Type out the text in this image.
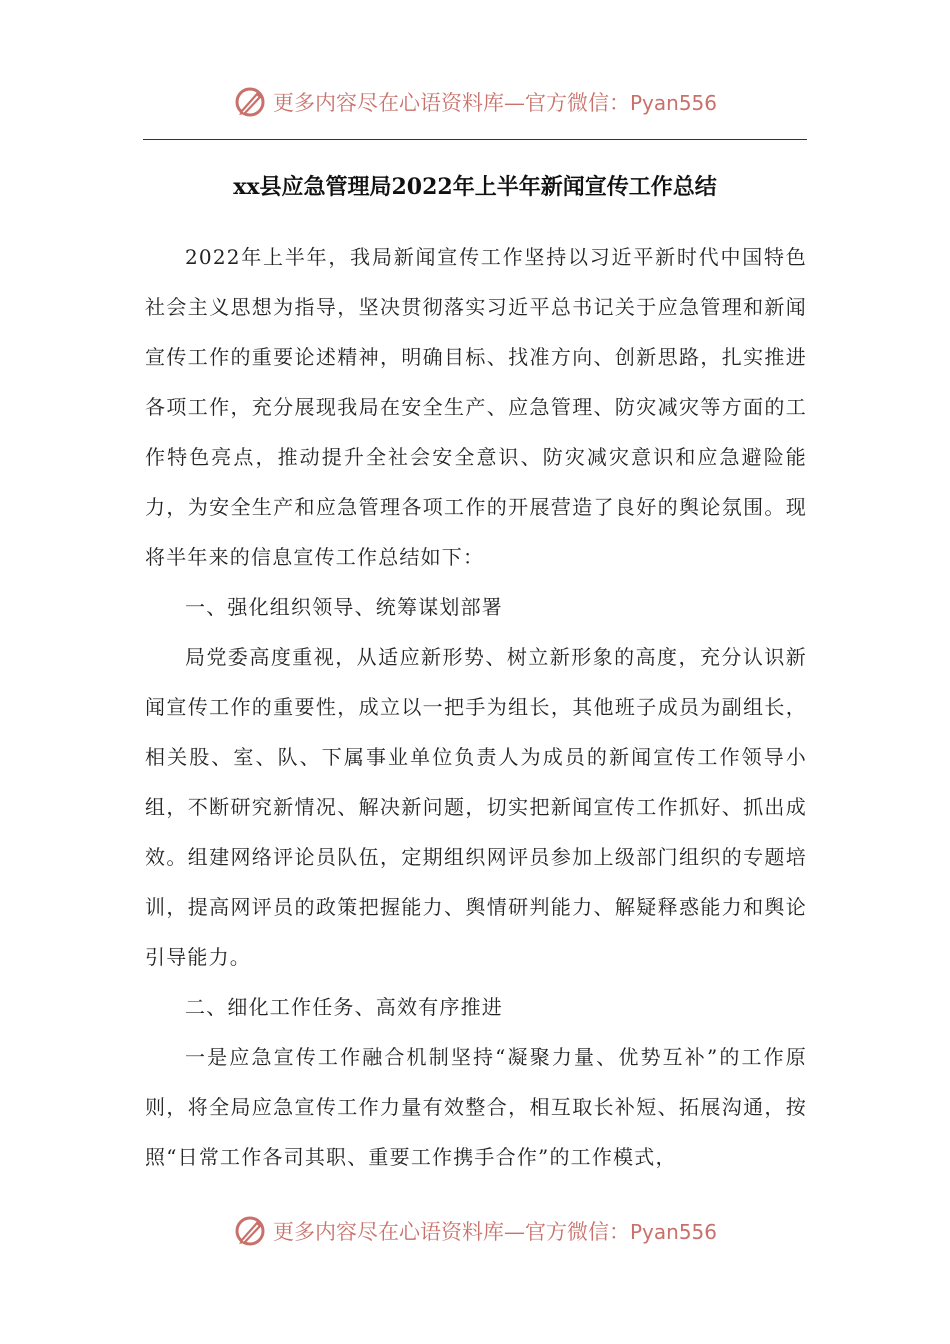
更多内容尽在心语资料库—官方微信：Pyan556
xx县应急管理局2022年上半年新闻宣传工作总结

2022年上半年，我局新闻宣传工作坚持以习近平新时代中国特色社会主义思想为指导，坚决贯彻落实习近平总书记关于应急管理和新闻宣传工作的重要论述精神，明确目标、找准方向、创新思路，扎实推进各项工作，充分展现我局在安全生产、应急管理、防灾减灾等方面的工作特色亮点，推动提升全社会安全意识、防灾减灾意识和应急避险能力，为安全生产和应急管理各项工作的开展营造了良好的舆论氛围。现将半年来的信息宣传工作总结如下：

一、强化组织领导、统筹谋划部署

局党委高度重视，从适应新形势、树立新形象的高度，充分认识新闻宣传工作的重要性，成立以一把手为组长，其他班子成员为副组长，相关股、室、队、下属事业单位负责人为成员的新闻宣传工作领导小组，不断研究新情况、解决新问题，切实把新闻宣传工作抓好、抓出成效。组建网络评论员队伍，定期组织网评员参加上级部门组织的专题培训，提高网评员的政策把握能力、舆情研判能力、解疑释惑能力和舆论引导能力。

二、细化工作任务、高效有序推进

一是应急宣传工作融合机制坚持“凝聚力量、优势互补”的工作原则，将全局应急宣传工作力量有效整合，相互取长补短、拓展沟通，按照“日常工作各司其职、重要工作携手合作”的工作模式，

更多内容尽在心语资料库—官方微信：Pyan556
